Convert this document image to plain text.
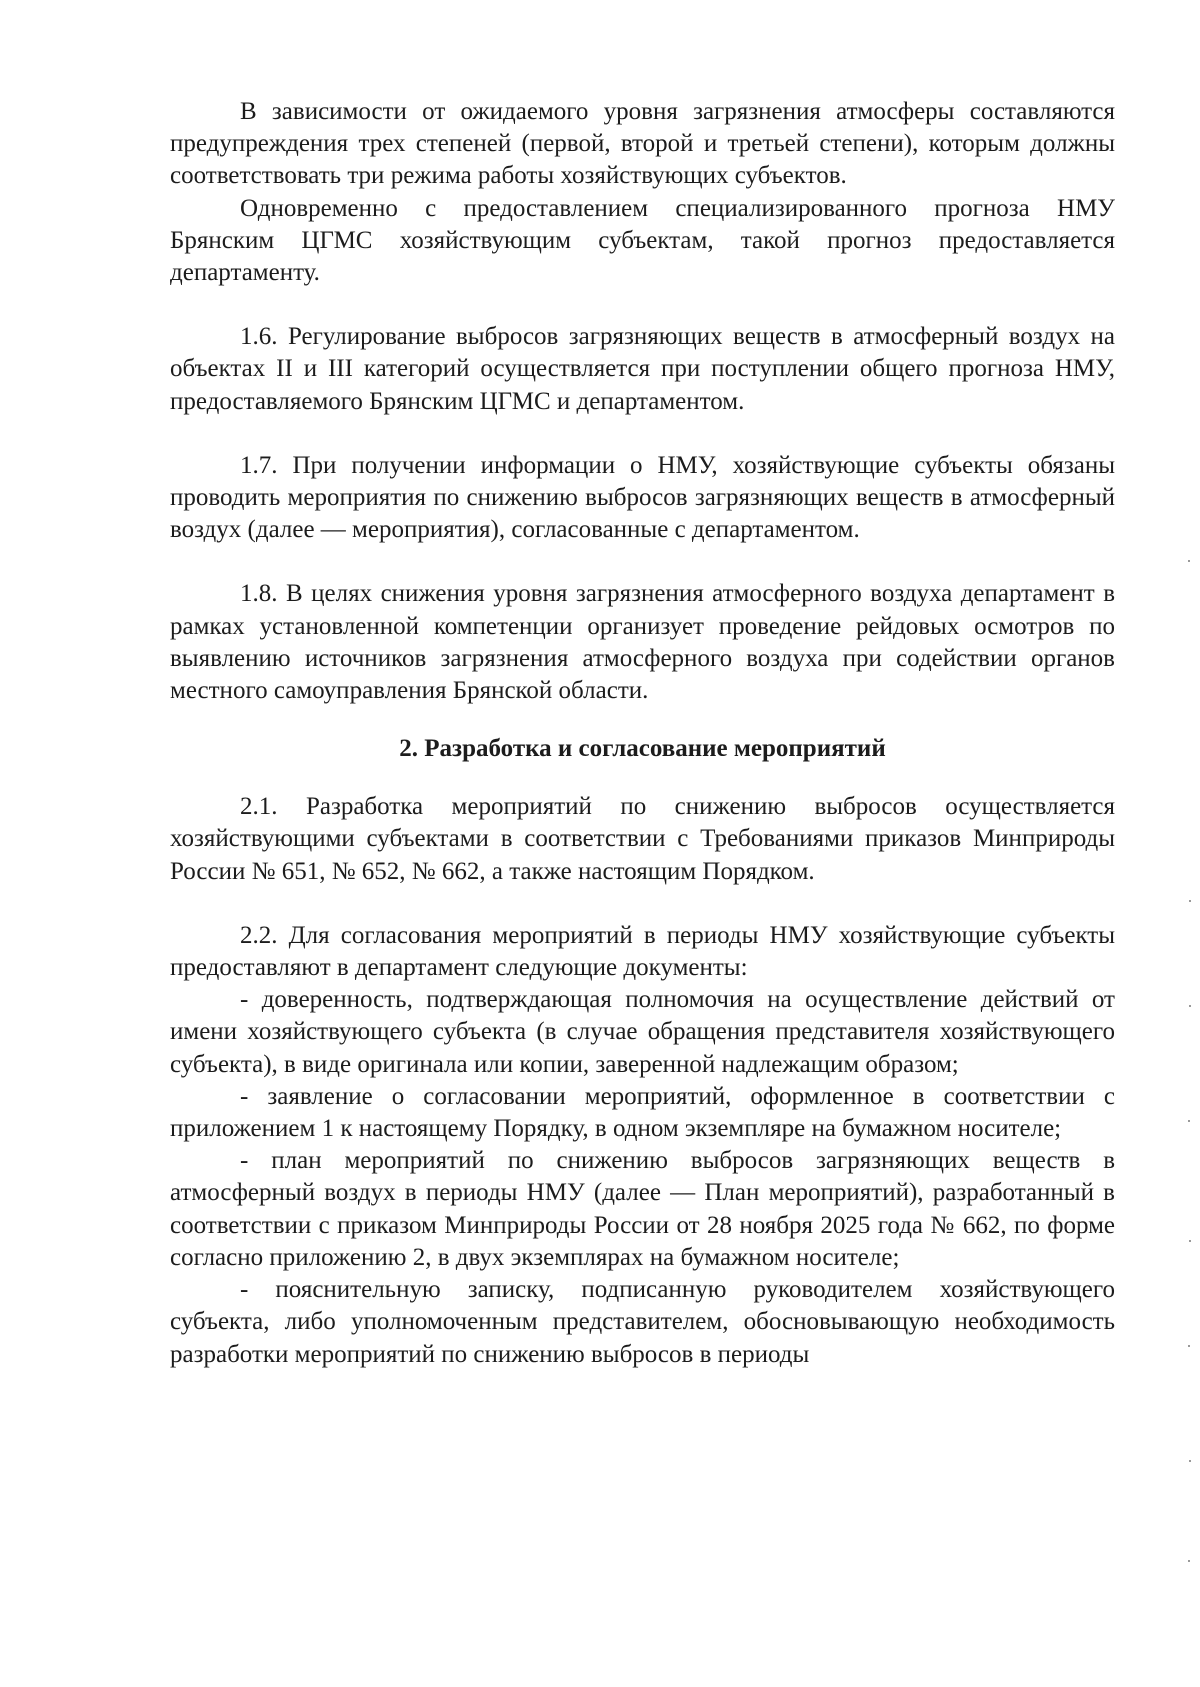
В зависимости от ожидаемого уровня загрязнения атмосферы составляются предупреждения трех степеней (первой, второй и третьей степени), которым должны соответствовать три режима работы хозяйствующих субъектов.

Одновременно с предоставлением специализированного прогноза НМУ Брянским ЦГМС хозяйствующим субъектам, такой прогноз предоставляется департаменту.

1.6. Регулирование выбросов загрязняющих веществ в атмосферный воздух на объектах II и III категорий осуществляется при поступлении общего прогноза НМУ, предоставляемого Брянским ЦГМС и департаментом.

1.7. При получении информации о НМУ, хозяйствующие субъекты обязаны проводить мероприятия по снижению выбросов загрязняющих веществ в атмосферный воздух (далее — мероприятия), согласованные с департаментом.

1.8. В целях снижения уровня загрязнения атмосферного воздуха департамент в рамках установленной компетенции организует проведение рейдовых осмотров по выявлению источников загрязнения атмосферного воздуха при содействии органов местного самоуправления Брянской области.

2. Разработка и согласование мероприятий

2.1. Разработка мероприятий по снижению выбросов осуществляется хозяйствующими субъектами в соответствии с Требованиями приказов Минприроды России № 651, № 652, № 662, а также настоящим Порядком.

2.2. Для согласования мероприятий в периоды НМУ хозяйствующие субъекты предоставляют в департамент следующие документы:

- доверенность, подтверждающая полномочия на осуществление действий от имени хозяйствующего субъекта (в случае обращения представителя хозяйствующего субъекта), в виде оригинала или копии, заверенной надлежащим образом;

- заявление о согласовании мероприятий, оформленное в соответствии с приложением 1 к настоящему Порядку, в одном экземпляре на бумажном носителе;

- план мероприятий по снижению выбросов загрязняющих веществ в атмосферный воздух в периоды НМУ (далее — План мероприятий), разработанный в соответствии с приказом Минприроды России от 28 ноября 2025 года № 662, по форме согласно приложению 2, в двух экземплярах на бумажном носителе;

- пояснительную записку, подписанную руководителем хозяйствующего субъекта, либо уполномоченным представителем, обосновывающую необходимость разработки мероприятий по снижению выбросов в периоды
